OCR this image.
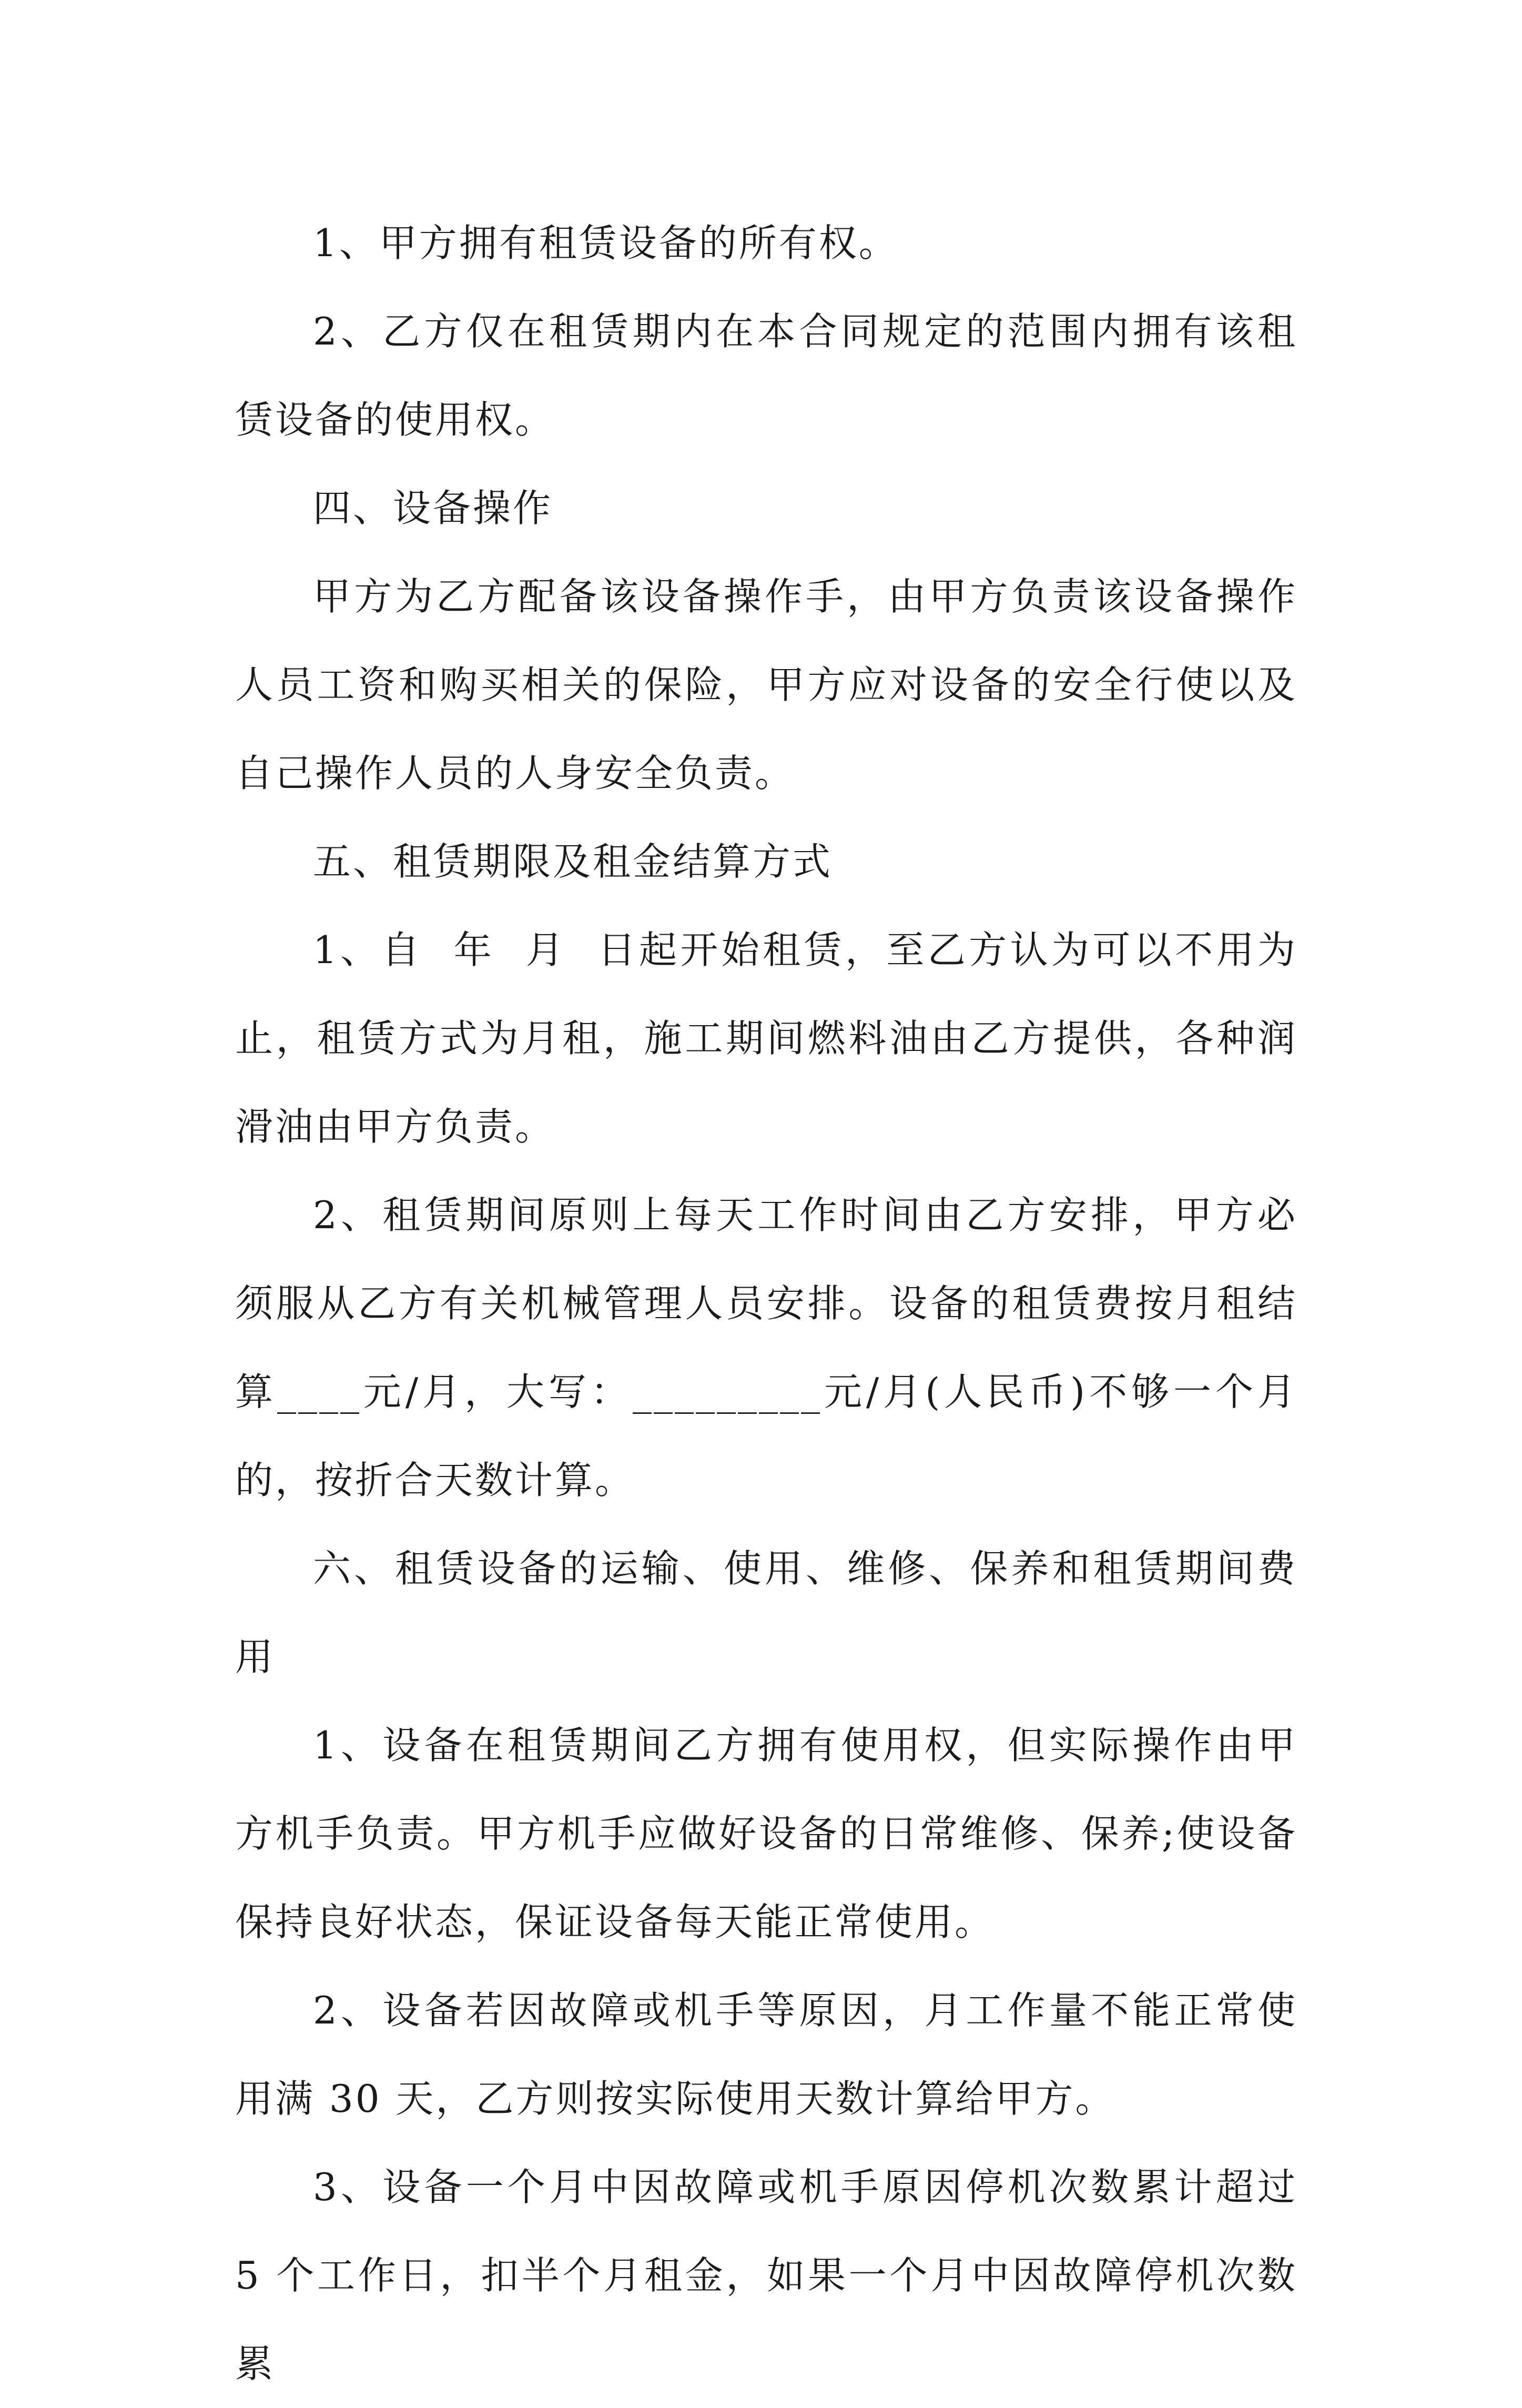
1、甲方拥有租赁设备的所有权。

2、乙方仅在租赁期内在本合同规定的范围内拥有该租赁设备的使用权。

四、设备操作

甲方为乙方配备该设备操作手，由甲方负责该设备操作人员工资和购买相关的保险，甲方应对设备的安全行使以及自己操作人员的人身安全负责。

五、租赁期限及租金结算方式

1、自  年  月  日起开始租赁，至乙方认为可以不用为止，租赁方式为月租，施工期间燃料油由乙方提供，各种润滑油由甲方负责。

2、租赁期间原则上每天工作时间由乙方安排，甲方必须服从乙方有关机械管理人员安排。设备的租赁费按月租结算____元/月，大写：_________元/月(人民币)不够一个月的，按折合天数计算。

六、租赁设备的运输、使用、维修、保养和租赁期间费用

1、设备在租赁期间乙方拥有使用权，但实际操作由甲方机手负责。甲方机手应做好设备的日常维修、保养;使设备保持良好状态，保证设备每天能正常使用。

2、设备若因故障或机手等原因，月工作量不能正常使用满 30 天，乙方则按实际使用天数计算给甲方。

3、设备一个月中因故障或机手原因停机次数累计超过 5 个工作日，扣半个月租金，如果一个月中因故障停机次数累
